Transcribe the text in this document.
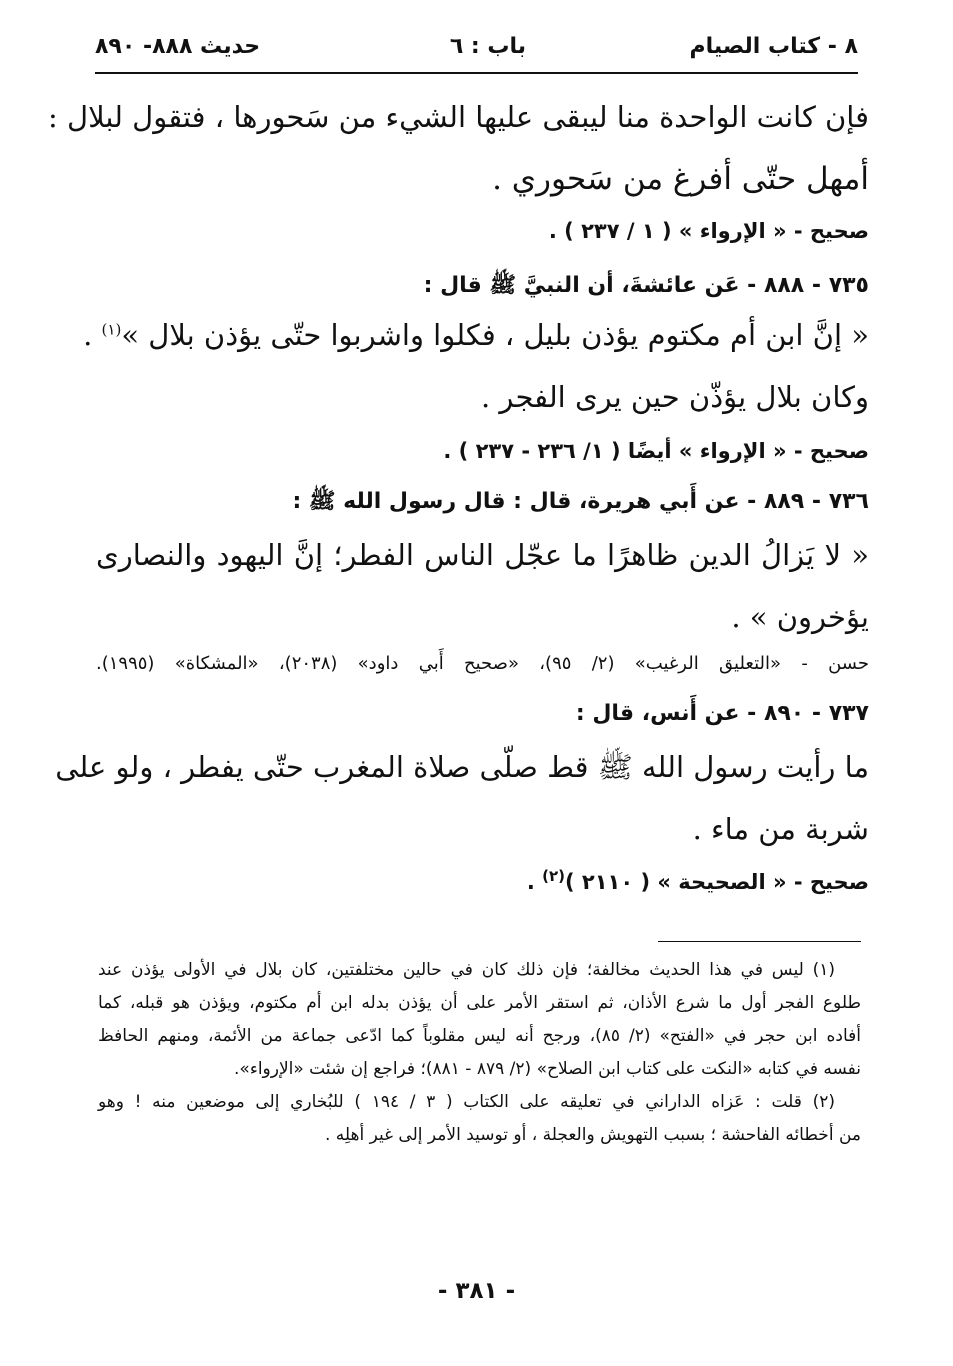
٨ - كتاب الصيام
باب : ٦
حديث ٨٨٨- ٨٩٠
فإن كانت الواحدة منا ليبقى عليها الشيء من سَحورها ، فتقول لبلال :
أمهل حتّى أفرغ من سَحوري .
صحيح - « الإرواء » ( ١ / ٢٣٧ ) .
٧٣٥ - ٨٨٨ - عَن عائشةَ، أن النبيَّ ﷺ قال :
« إنَّ ابن أم مكتوم يؤذن بليل ، فكلوا واشربوا حتّى يؤذن بلال »$^{(١)}$ .
وكان بلال يؤذّن حين يرى الفجر .
صحيح - « الإرواء » أيضًا ( ١/ ٢٣٦ - ٢٣٧ ) .
٧٣٦ - ٨٨٩ - عن أَبي هريرة، قال : قال رسول الله ﷺ :
« لا يَزالُ الدين ظاهرًا ما عجّل الناس الفطر؛ إنَّ اليهود والنصارى
يؤخرون » .
حسن - «التعليق الرغيب» (٢/ ٩٥)، «صحيح أَبي داود» (٢٠٣٨)، «المشكاة» (١٩٩٥).
٧٣٧ - ٨٩٠ - عن أَنس، قال :
ما رأيت رسول الله ﷺ قط صلّى صلاة المغرب حتّى يفطر ، ولو على
شربة من ماء .
صحيح - « الصحيحة » ( ٢١١٠ )$^{(٢)}$ .
(١) ليس في هذا الحديث مخالفة؛ فإن ذلك كان في حالين مختلفتين، كان بلال في الأولى يؤذن عند
طلوع الفجر أول ما شرع الأذان، ثم استقر الأمر على أن يؤذن بدله ابن أم مكتوم، ويؤذن هو قبله، كما
أفاده ابن حجر في «الفتح» (٢/ ٨٥)، ورجح أنه ليس مقلوباً كما ادّعى جماعة من الأئمة، ومنهم الحافظ
نفسه في كتابه «النكت على كتاب ابن الصلاح» (٢/ ٨٧٩ - ٨٨١)؛ فراجع إن شئت «الإرواء».
(٢) قلت : عَزاه الداراني في تعليقه على الكتاب ( ٣ / ١٩٤ ) للبُخاري إلى موضعين منه ! وهو
من أخطائه الفاحشة ؛ بسبب التهويش والعجلة ، أو توسيد الأمر إلى غير أهلِه .
- ٣٨١ -
